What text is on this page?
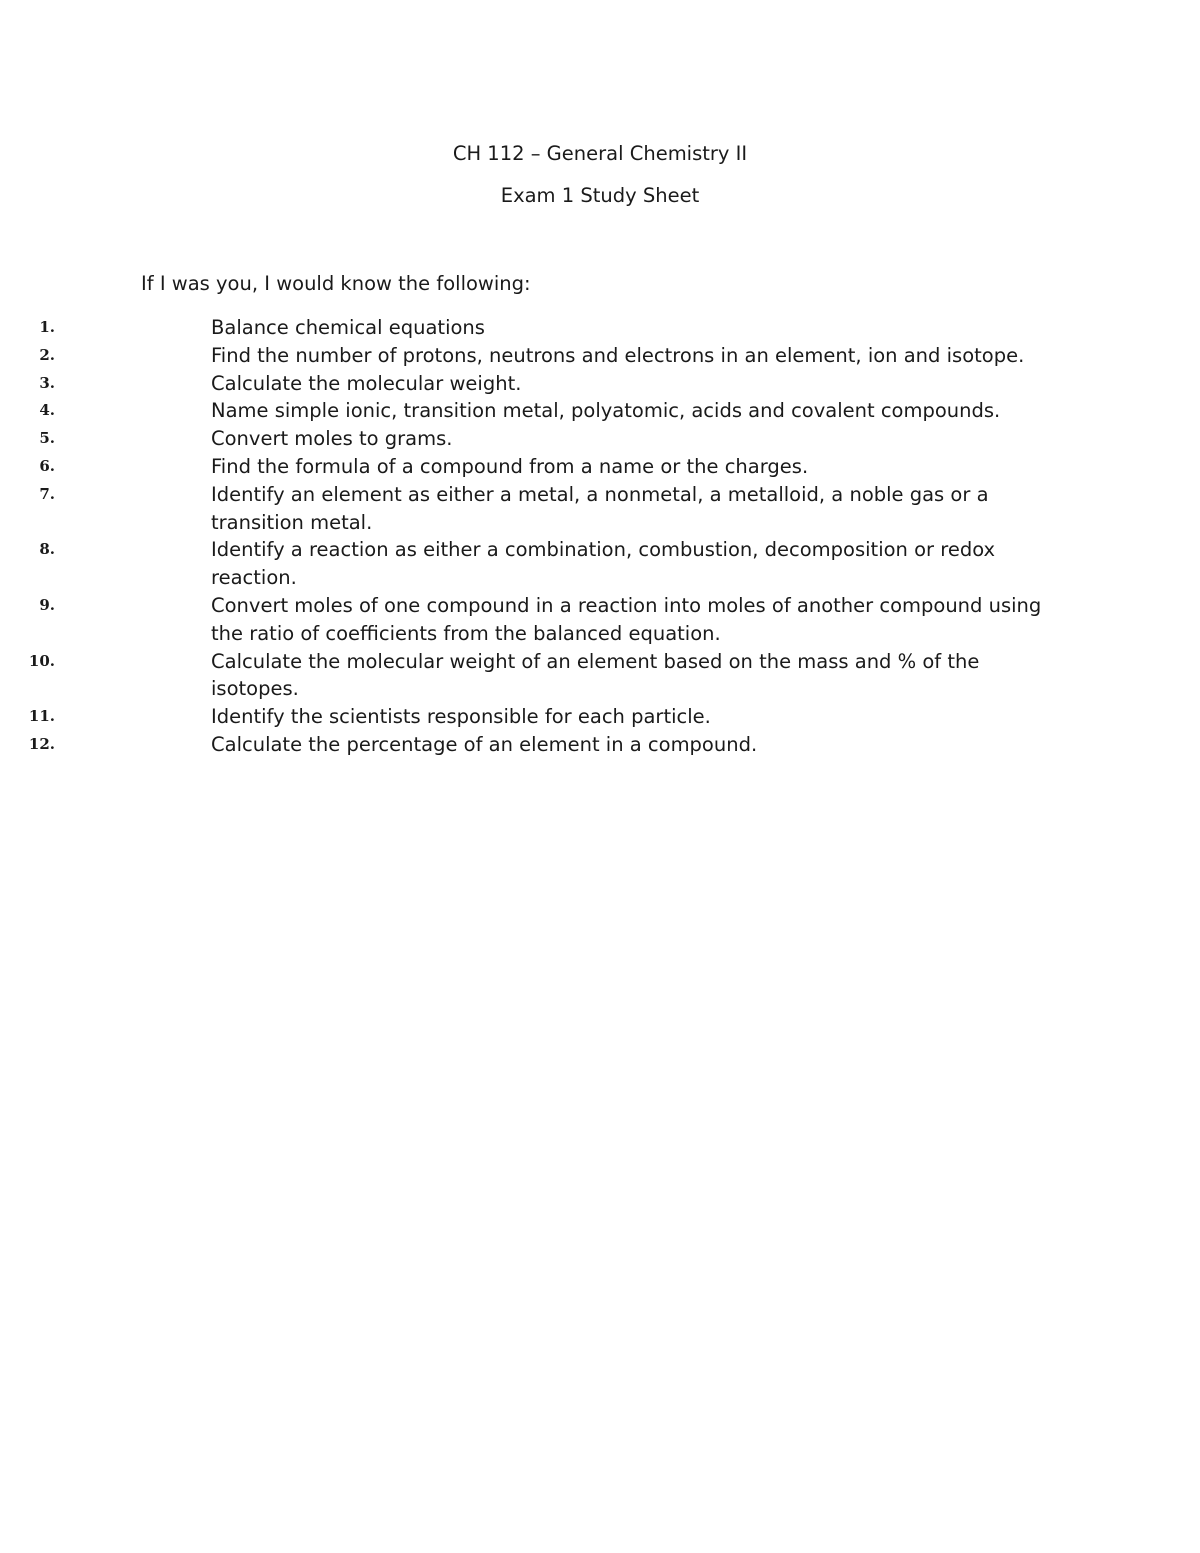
CH 112 – General Chemistry II
Exam 1 Study Sheet
If I was you, I would know the following:
1.	Balance chemical equations
2.	Find the number of protons, neutrons and electrons in an element, ion and isotope.
3.	Calculate the molecular weight.
4.	Name simple ionic, transition metal, polyatomic, acids and covalent compounds.
5.	Convert moles to grams.
6.	Find the formula of a compound from a name or the charges.
7.	Identify an element as either a metal, a nonmetal, a metalloid, a noble gas or a transition metal.
8.	Identify a reaction as either a combination, combustion, decomposition or redox reaction.
9.	Convert moles of one compound in a reaction into moles of another compound using the ratio of coefficients from the balanced equation.
10.	Calculate the molecular weight of an element based on the mass and % of the isotopes.
11.	Identify the scientists responsible for each particle.
12.	Calculate the percentage of an element in a compound.
